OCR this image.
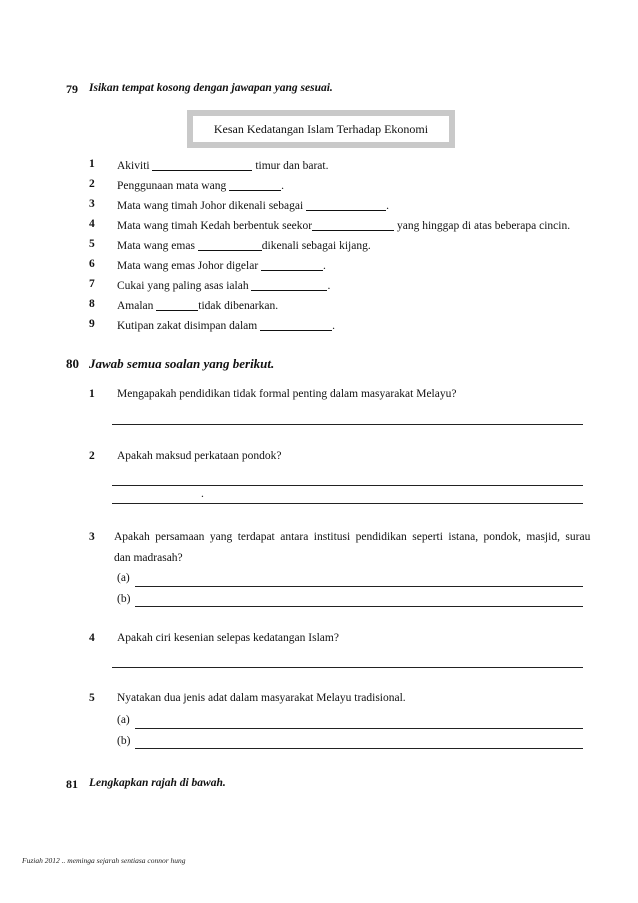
79 Isikan tempat kosong dengan jawapan yang sesuai.
Kesan Kedatangan Islam Terhadap Ekonomi
1 Akiviti	timur dan barat.
2 Penggunaan mata wang	.
3 Mata wang timah Johor dikenali sebagai	.
4 Mata wang timah Kedah berbentuk seekor	yang hinggap di atas beberapa cincin.
5 Mata wang emas	dikenali sebagai kijang.
6 Mata wang emas Johor digelar	.
7 Cukai yang paling asas ialah	.
8 Amalan	tidak dibenarkan.
9 Kutipan zakat disimpan dalam	.
80 Jawab semua soalan yang berikut.
1 Mengapakah pendidikan tidak formal penting dalam masyarakat Melayu?
2 Apakah maksud perkataan pondok?
.
3 Apakah persamaan yang terdapat antara institusi pendidikan seperti istana, pondok, masjid, surau
dan madrasah?
(a)
(b)
4 Apakah ciri kesenian selepas kedatangan Islam?
5 Nyatakan dua jenis adat dalam masyarakat Melayu tradisional.
(a)
(b)
81 Lengkapkan rajah di bawah.
Fuziah 2012 .. meminga sejarah sentiasa connor hung
